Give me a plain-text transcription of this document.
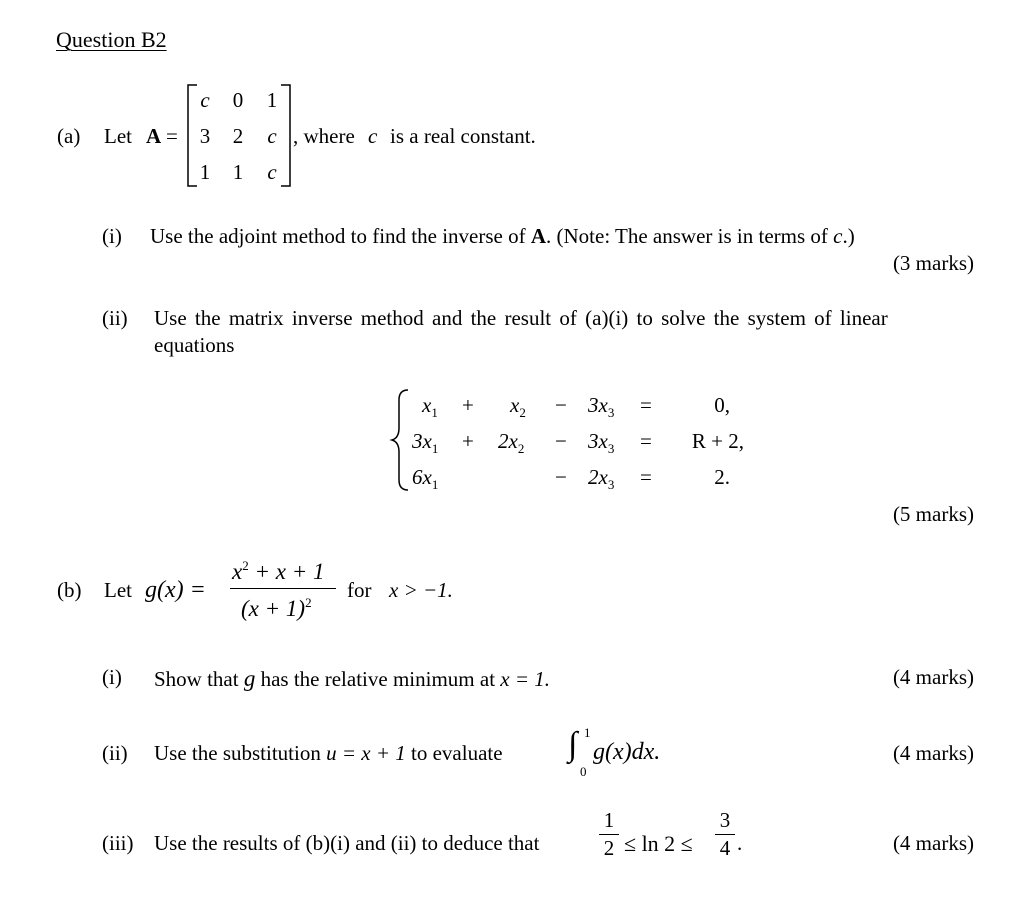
Question B2
(a) Let A =
c	0	1
3	2	c
1	1	c
, where c is a real constant.
(i) Use the adjoint method to find the inverse of A. (Note: The answer is in terms of c.)
(3 marks)
(ii) Use the matrix inverse method and the result of (a)(i) to solve the system of linear
equations
$x_1 + x_2 - 3x_3$ =	0,
$3x_1 + 2x_2 - 3x_3$ =	R + 2,
$6x_1$	− $2x_3$ =	2.
(5 marks)
(b) Let g(x) =
$x^2 + x + 1$
$(x + 1)^2$
for x > −1.
(i) Show that g has the relative minimum at x = 1.	(4 marks)
(ii) Use the substitution u = x + 1 to evaluate ∫ 1
0
g(x)dx.	(4 marks)
(iii) Use the results of (b)(i) and (ii) to deduce that
1
2 ≤ ln 2 ≤
3
4 .	(4 marks)
